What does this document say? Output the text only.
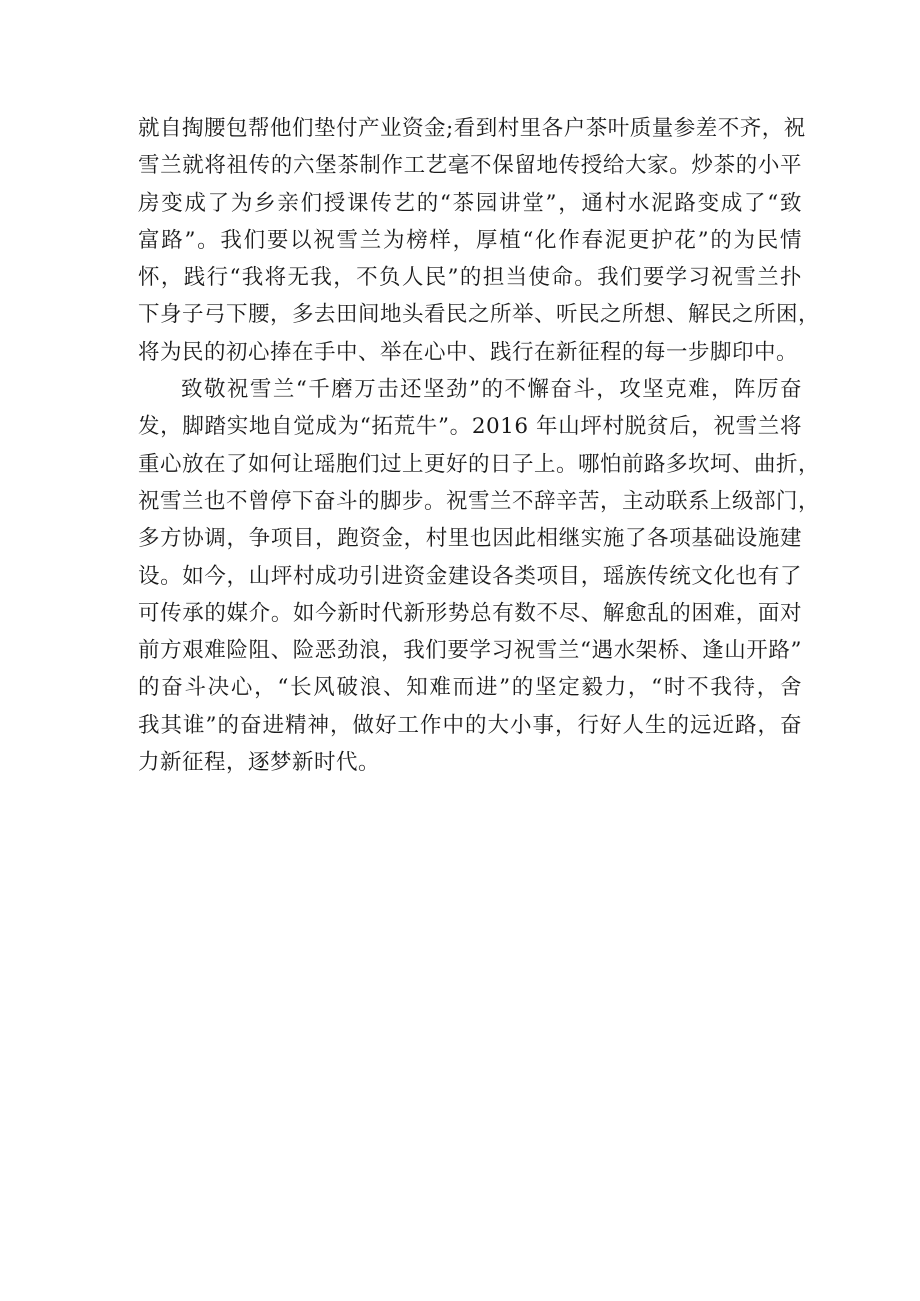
就自掏腰包帮他们垫付产业资金;看到村里各户茶叶质量参差不齐，祝
雪兰就将祖传的六堡茶制作工艺毫不保留地传授给大家。炒茶的小平
房变成了为乡亲们授课传艺的“茶园讲堂”，通村水泥路变成了“致
富路”。我们要以祝雪兰为榜样，厚植“化作春泥更护花”的为民情
怀，践行“我将无我，不负人民”的担当使命。我们要学习祝雪兰扑
下身子弓下腰，多去田间地头看民之所举、听民之所想、解民之所困，
将为民的初心捧在手中、举在心中、践行在新征程的每一步脚印中。
致敬祝雪兰“千磨万击还坚劲”的不懈奋斗，攻坚克难，阵厉奋
发，脚踏实地自觉成为“拓荒牛”。2016 年山坪村脱贫后，祝雪兰将
重心放在了如何让瑶胞们过上更好的日子上。哪怕前路多坎坷、曲折，
祝雪兰也不曾停下奋斗的脚步。祝雪兰不辞辛苦，主动联系上级部门，
多方协调，争项目，跑资金，村里也因此相继实施了各项基础设施建
设。如今，山坪村成功引进资金建设各类项目，瑶族传统文化也有了
可传承的媒介。如今新时代新形势总有数不尽、解愈乱的困难，面对
前方艰难险阻、险恶劲浪，我们要学习祝雪兰“遇水架桥、逢山开路”
的奋斗决心，“长风破浪、知难而进”的坚定毅力，“时不我待，舍
我其谁”的奋进精神，做好工作中的大小事，行好人生的远近路，奋
力新征程，逐梦新时代。
